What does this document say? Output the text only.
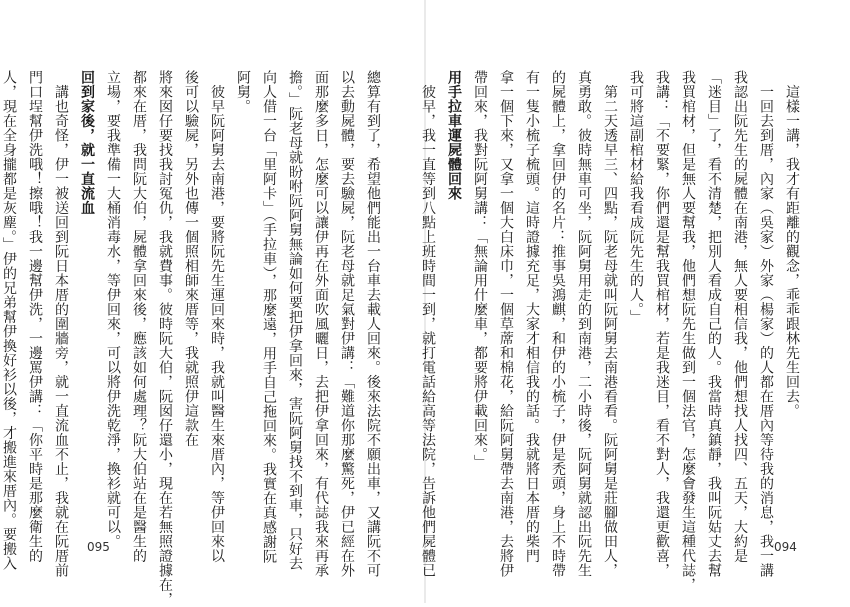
總算有到了，希望他們能出一台車去載人回來。後來法院不願出車，又講阮不可
以去動屍體，要去驗屍，阮老母就足氣對伊講：「難道你那麼驚死，伊已經在外
面那麼多日，怎麼可以讓伊再在外面吹風曬日，去把伊拿回來，有代誌我來再承
擔。」阮老母就盼咐阮阿舅無論如何要把伊拿回來，害阮阿舅找不到車，只好去
向人借一台「里阿卡」（手拉車），那麼遠，用手自己拖回來。我實在真感謝阮
阿舅。
　彼早阮阿舅去南港，要將阮先生運回來時，我就叫醫生來厝內，等伊回來以
後可以驗屍，另外也傳一個照相師來厝等，我就照伊這款在
將來囡仔要找我討冤仇，我就費事。彼時阮大伯，阮囡仔還小，現在若無照證據在，
都來在厝，我問阮大伯，屍體拿回來後，應該如何處理？阮大伯站在是醫生的
立場，要我準備一大桶消毒水，等伊回來，可以將伊洗乾淨，換衫就可以。
回到家後，就一直流血
　講也奇怪，伊一被送回到阮日本厝的圍牆旁，就一直流血不止，我就在阮厝前
門口埕幫伊洗哦！擦哦！我一邊幫伊洗，一邊罵伊講：「你平時是那麼衛生的
人，現在全身攏都是灰塵。」伊的兄弟幫伊換好衫以後，才搬進來厝內。要搬入	095	094
　這樣一講，我才有距離的觀念，乖乖跟林先生回去。
　一回去到厝，內家（吳家）外家（楊家）的人都在厝內等待我的消息，我一講
我認出阮先生的屍體在南港，無人要相信我，他們想找人找四、五天，大約是
「迷目」了，看不清楚，把別人看成自己的人。我當時真鎮靜，我叫阮姑丈去幫
我買棺材，但是無人要幫我，他們想阮先生做到一個法官，怎麼會發生這種代誌，
我講：「不要緊，你們還是幫我買棺材，若是我迷目，看不對人，我還更歡喜，
我可將這副棺材給我看成阮先生的人。」
　第二天透早三、四點，阮老母就叫阮阿舅去南港看看。阮阿舅是莊腳做田人，
真勇敢。彼時無車可坐，阮阿舅用走的到南港，二小時後，阮阿舅就認出阮先生
的屍體上，拿回伊的名片：推事吳鴻麒，和伊的小梳子，伊是禿頭，身上不時帶
有一隻小梳子梳頭。這時證據充足，大家才相信我的話。我就將日本厝的柴門
拿一個下來，又拿一個大白床巾，一個草蓆和棉花，給阮阿舅帶去南港，去將伊
帶回來，我對阮阿舅講：「無論用什麼車，都要將伊載回來。」
用手拉車運屍體回來
　彼早，我一直等到八點上班時間一到，就打電話給高等法院，告訴他們屍體已
